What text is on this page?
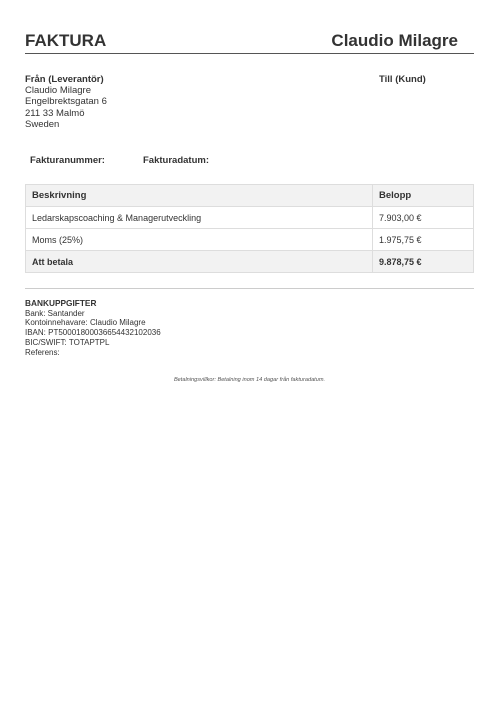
FAKTURA	Claudio Milagre
Från (Leverantör)
Claudio Milagre
Engelbrektsgatan 6
211 33 Malmö
Sweden
Till (Kund)
Fakturanummer:	Fakturadatum:
Beskrivning	Belopp
Ledarskapscoaching & Managerutveckling	7.903,00 €
Moms (25%)	1.975,75 €
Att betala	9.878,75 €
BANKUPPGIFTER
Bank: Santander
Kontoinnehavare: Claudio Milagre
IBAN: PT50001800036654432102036
BIC/SWIFT: TOTAPTPL
Referens:
Betalningsvillkor: Betalning inom 14 dagar från fakturadatum.
